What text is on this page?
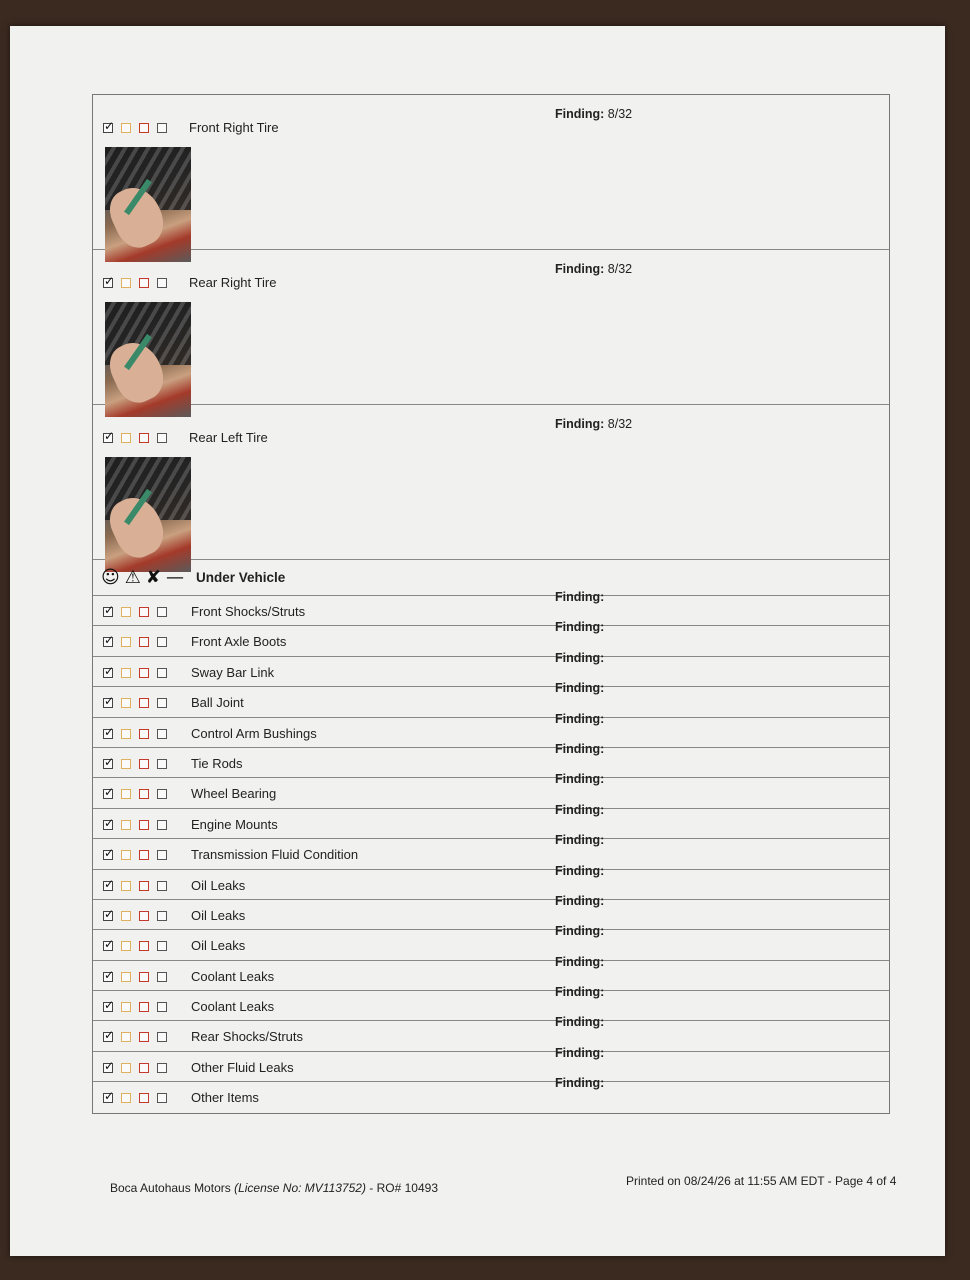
✓
Front Right Tire
Finding: 8/32
✓
Rear Right Tire
Finding: 8/32
✓
Rear Left Tire
Finding: 8/32
☺ ⚠ ✘ — Under Vehicle
✓
Front Shocks/Struts
Finding:
✓
Front Axle Boots
Finding:
✓
Sway Bar Link
Finding:
✓
Ball Joint
Finding:
✓
Control Arm Bushings
Finding:
✓
Tie Rods
Finding:
✓
Wheel Bearing
Finding:
✓
Engine Mounts
Finding:
✓
Transmission Fluid Condition
Finding:
✓
Oil Leaks
Finding:
✓
Oil Leaks
Finding:
✓
Oil Leaks
Finding:
✓
Coolant Leaks
Finding:
✓
Coolant Leaks
Finding:
✓
Rear Shocks/Struts
Finding:
✓
Other Fluid Leaks
Finding:
✓
Other Items
Finding:
Boca Autohaus Motors (License No: MV113752) - RO# 10493	Printed on 08/24/26 at 11:55 AM EDT - Page 4 of 4
